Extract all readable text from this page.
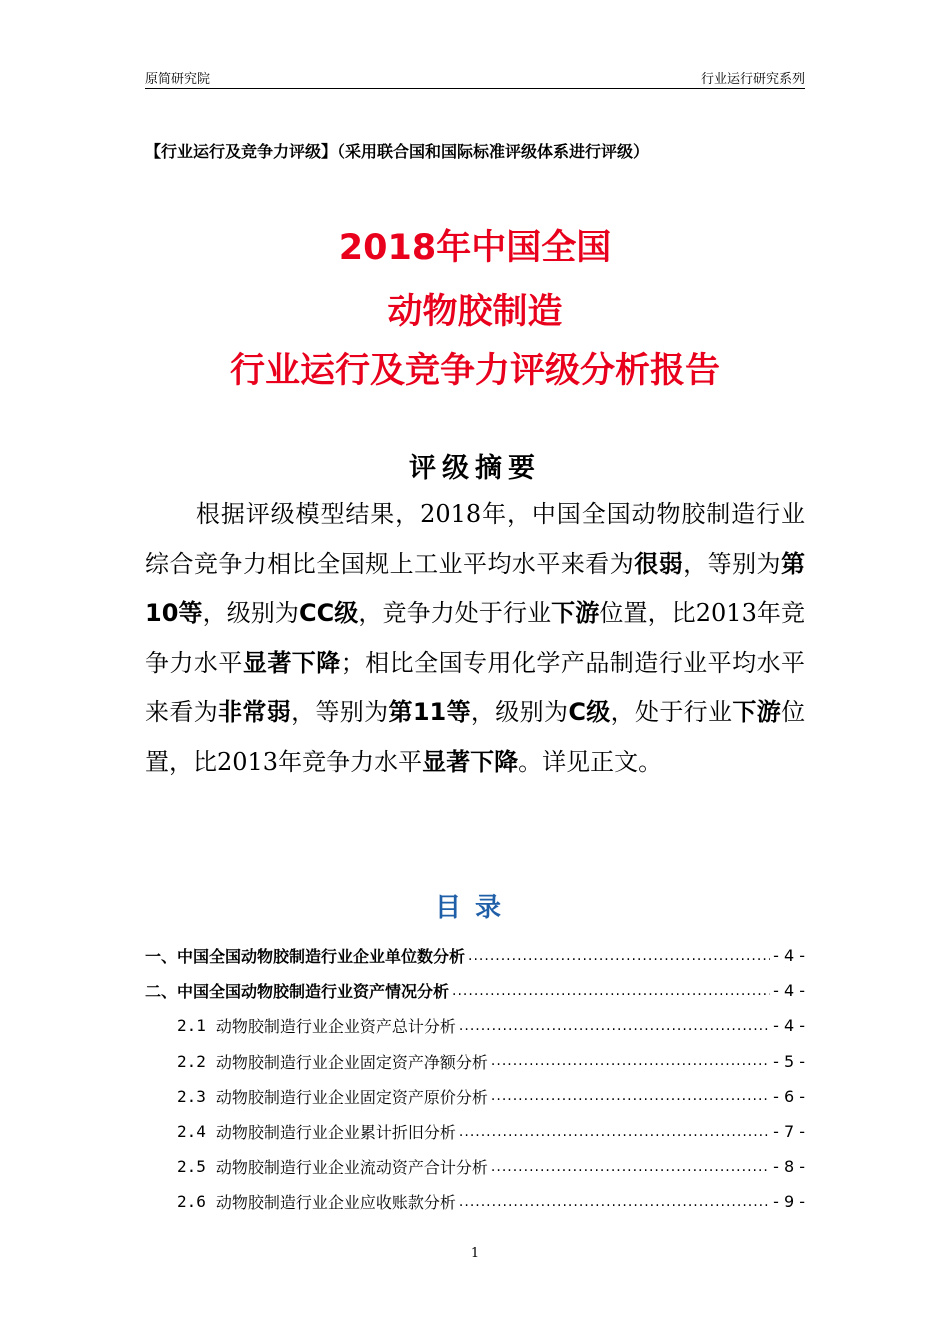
原简研究院	行业运行研究系列
【行业运行及竞争力评级】（采用联合国和国际标准评级体系进行评级）
2018年中国全国
动物胶制造
行业运行及竞争力评级分析报告
评级摘要
根据评级模型结果，2018年，中国全国动物胶制造行业综合竞争力相比全国规上工业平均水平来看为很弱，等别为第10等，级别为CC级，竞争力处于行业下游位置，比2013年竞争力水平显著下降；相比全国专用化学产品制造行业平均水平来看为非常弱，等别为第11等，级别为C级，处于行业下游位置，比2013年竞争力水平显著下降。详见正文。
目录
一、中国全国动物胶制造行业企业单位数分析 .....	- 4 -
二、中国全国动物胶制造行业资产情况分析 .....	- 4 -
2.1 动物胶制造行业企业资产总计分析 .....	- 4 -
2.2 动物胶制造行业企业固定资产净额分析 .....	- 5 -
2.3 动物胶制造行业企业固定资产原价分析 .....	- 6 -
2.4 动物胶制造行业企业累计折旧分析 .....	- 7 -
2.5 动物胶制造行业企业流动资产合计分析 .....	- 8 -
2.6 动物胶制造行业企业应收账款分析 .....	- 9 -
1
